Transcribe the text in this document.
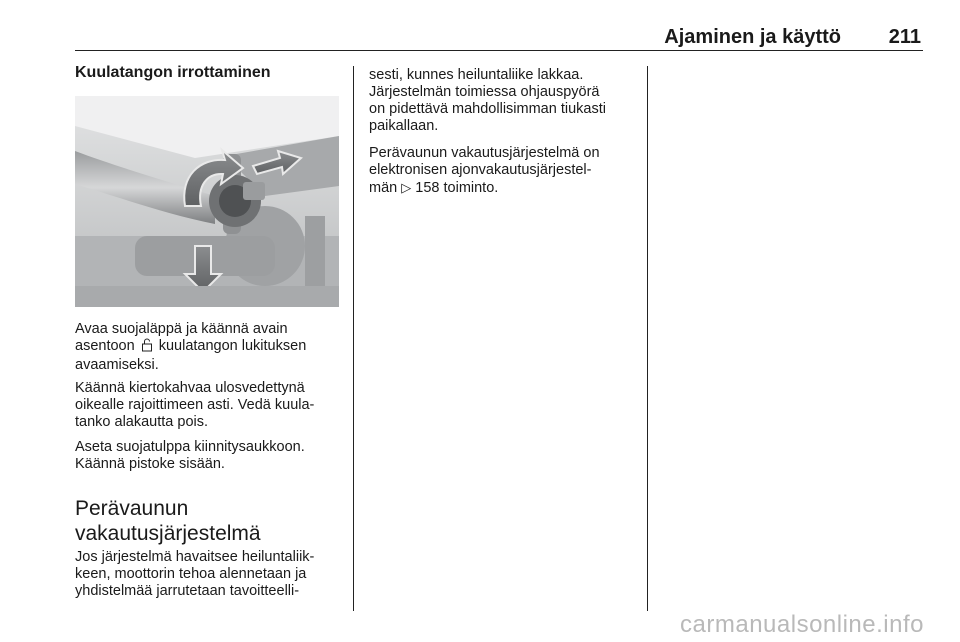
Ajaminen ja käyttö 211
Kuulatangon irrottaminen
Avaa suojaläppä ja käännä avain
asentoon kuulatangon lukituksen
avaamiseksi.
Käännä kiertokahvaa ulosvedettynä
oikealle rajoittimeen asti. Vedä kuula-
tanko alakautta pois.
Aseta suojatulppa kiinnitysaukkoon.
Käännä pistoke sisään.
Perävaunun
vakautusjärjestelmä
Jos järjestelmä havaitsee heiluntaliik-
keen, moottorin tehoa alennetaan ja
yhdistelmää jarrutetaan tavoitteelli-
sesti, kunnes heiluntaliike lakkaa.
Järjestelmän toimiessa ohjauspyörä
on pidettävä mahdollisimman tiukasti
paikallaan.
Perävaunun vakautusjärjestelmä on
elektronisen ajonvakautusjärjestel-
män ▷ 158 toiminto.
carmanualsonline.info
